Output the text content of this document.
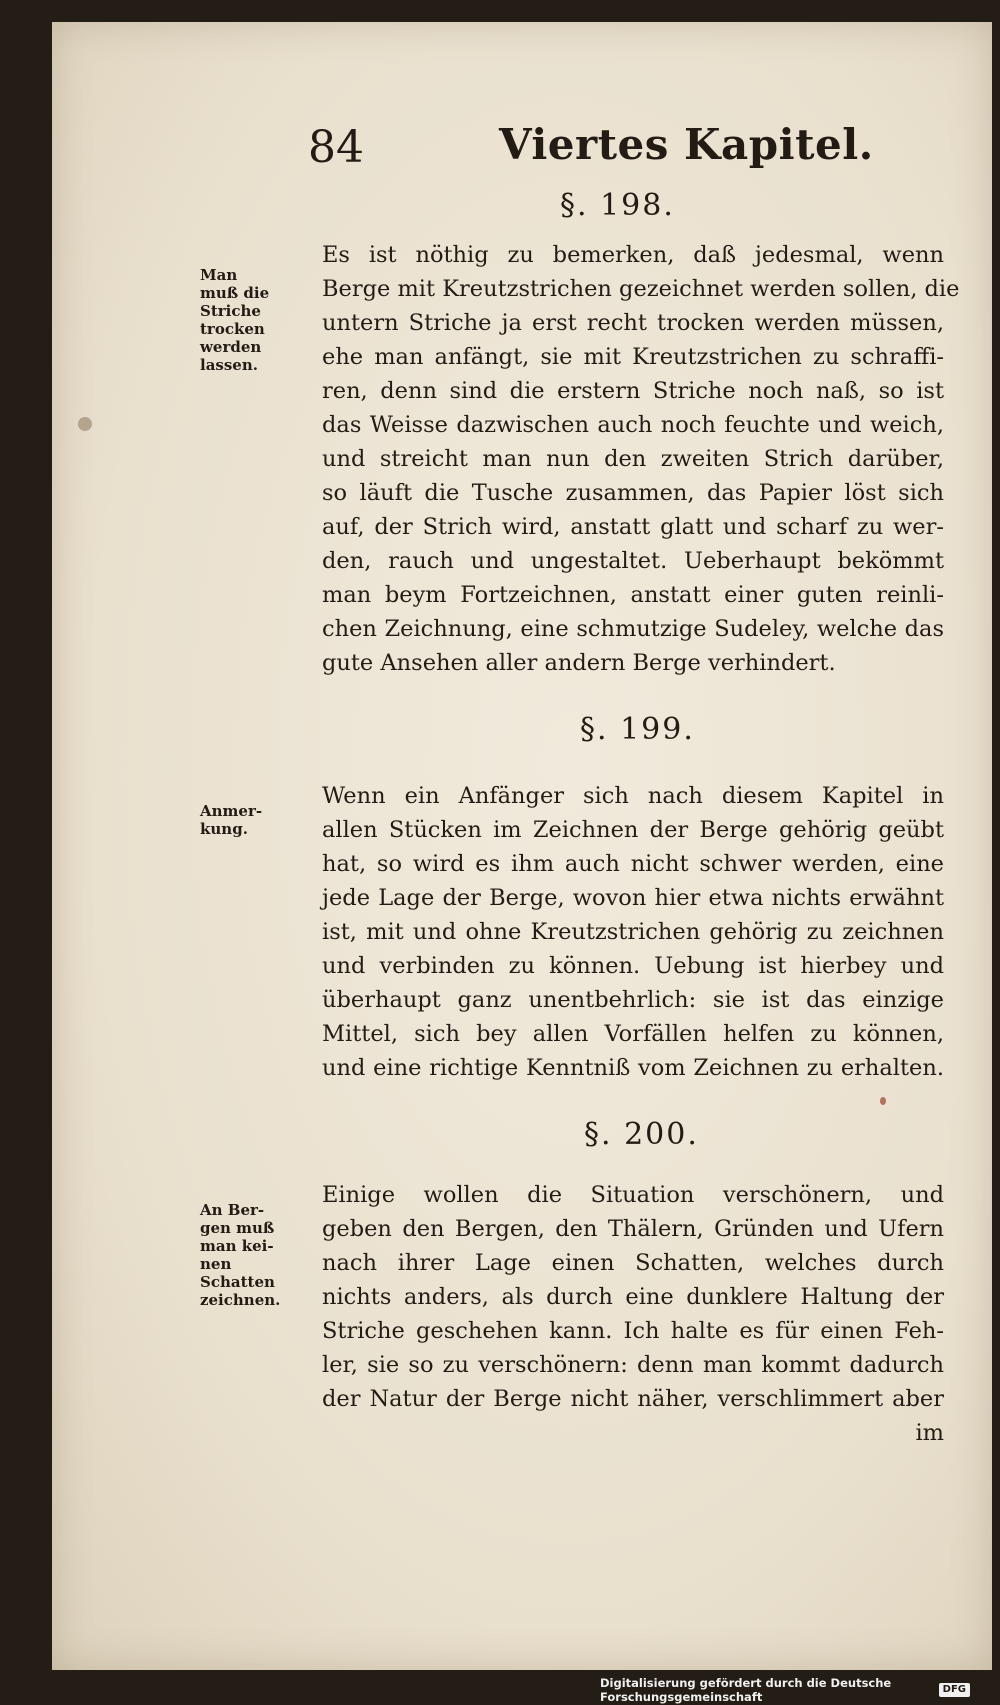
84	Viertes Kapitel.
§. 198.
Man
muß die
Striche
trocken
werden
lassen.
Es ist nöthig zu bemerken, daß jedesmal, wenn
Berge mit Kreutzstrichen gezeichnet werden sollen, die
untern Striche ja erst recht trocken werden müssen,
ehe man anfängt, sie mit Kreutzstrichen zu schraffi-
ren, denn sind die erstern Striche noch naß, so ist
das Weisse dazwischen auch noch feuchte und weich,
und streicht man nun den zweiten Strich darüber,
so läuft die Tusche zusammen, das Papier löst sich
auf, der Strich wird, anstatt glatt und scharf zu wer-
den, rauch und ungestaltet. Ueberhaupt bekömmt
man beym Fortzeichnen, anstatt einer guten reinli-
chen Zeichnung, eine schmutzige Sudeley, welche das
gute Ansehen aller andern Berge verhindert.
§. 199.
Anmer-
kung.
Wenn ein Anfänger sich nach diesem Kapitel in
allen Stücken im Zeichnen der Berge gehörig geübt
hat, so wird es ihm auch nicht schwer werden, eine
jede Lage der Berge, wovon hier etwa nichts erwähnt
ist, mit und ohne Kreutzstrichen gehörig zu zeichnen
und verbinden zu können. Uebung ist hierbey und
überhaupt ganz unentbehrlich: sie ist das einzige
Mittel, sich bey allen Vorfällen helfen zu können,
und eine richtige Kenntniß vom Zeichnen zu erhalten.
§. 200.
An Ber-
gen muß
man kei-
nen
Schatten
zeichnen.
Einige wollen die Situation verschönern, und
geben den Bergen, den Thälern, Gründen und Ufern
nach ihrer Lage einen Schatten, welches durch
nichts anders, als durch eine dunklere Haltung der
Striche geschehen kann. Ich halte es für einen Feh-
ler, sie so zu verschönern: denn man kommt dadurch
der Natur der Berge nicht näher, verschlimmert aber
im
Digitalisierung gefördert durch die Deutsche Forschungsgemeinschaft
DFG
